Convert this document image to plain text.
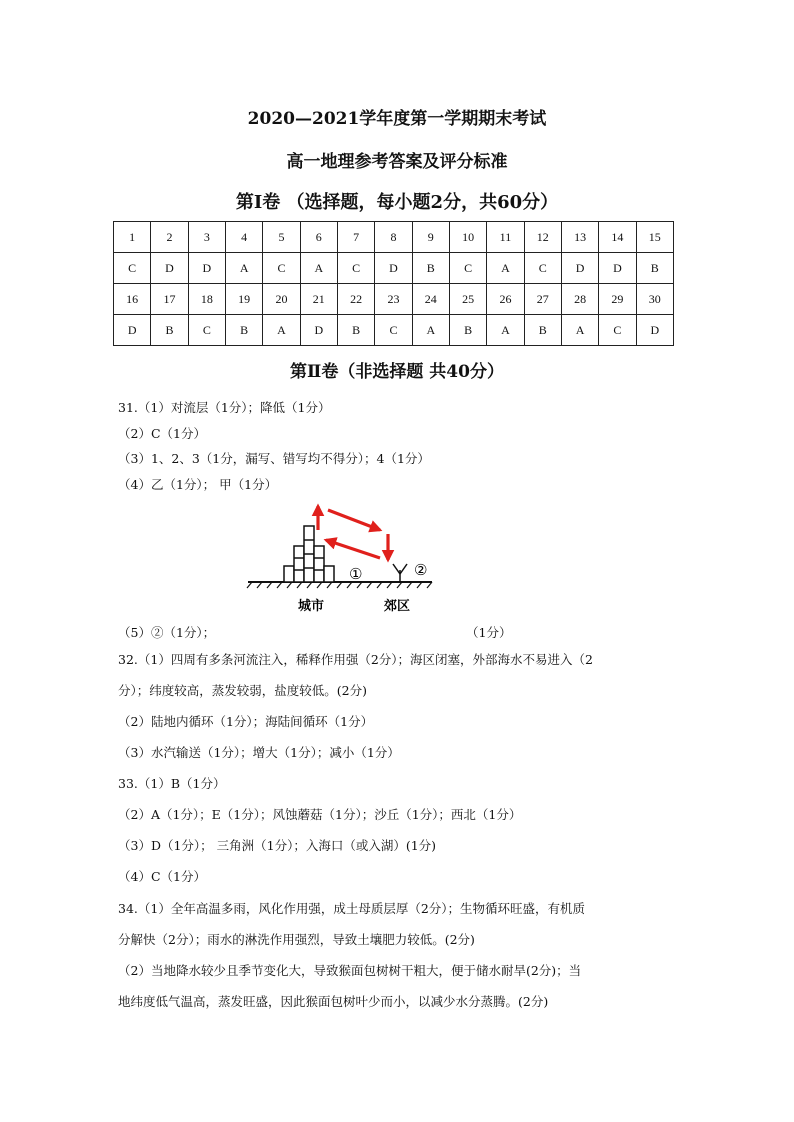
2020—2021学年度第一学期期末考试
高一地理参考答案及评分标准
第Ⅰ卷 （选择题，每小题2分，共60分）
1	2	3	4	5	6	7	8	9	10	11	12	13	14	15
C	D	D	A	C	A	C	D	B	C	A	C	D	D	B
16	17	18	19	20	21	22	23	24	25	26	27	28	29	30
D	B	C	B	A	D	B	C	A	B	A	B	A	C	D
第Ⅱ卷（非选择题 共40分）
31.（1）对流层（1分）；降低（1分）
（2）C（1分）
（3）1、2、3（1分，漏写、错写均不得分）；4（1分）
（4）乙（1分）； 甲（1分）
①	②
城市	郊区
（5）②（1分）；	（1分）
32.（1）四周有多条河流注入，稀释作用强（2分）；海区闭塞，外部海水不易进入（2
分）；纬度较高，蒸发较弱，盐度较低。(2分)
（2）陆地内循环（1分）；海陆间循环（1分）
（3）水汽输送（1分）；增大（1分）；减小（1分）
33.（1）B（1分）
（2）A（1分）；E（1分）；风蚀蘑菇（1分）；沙丘（1分）；西北（1分）
（3）D（1分）； 三角洲（1分）；入海口（或入湖）(1分)
（4）C（1分）
34.（1）全年高温多雨，风化作用强，成土母质层厚（2分）；生物循环旺盛，有机质
分解快（2分）；雨水的淋洗作用强烈，导致土壤肥力较低。(2分)
（2）当地降水较少且季节变化大，导致猴面包树树干粗大，便于储水耐旱(2分)；当
地纬度低气温高，蒸发旺盛，因此猴面包树叶少而小，以减少水分蒸腾。(2分)
